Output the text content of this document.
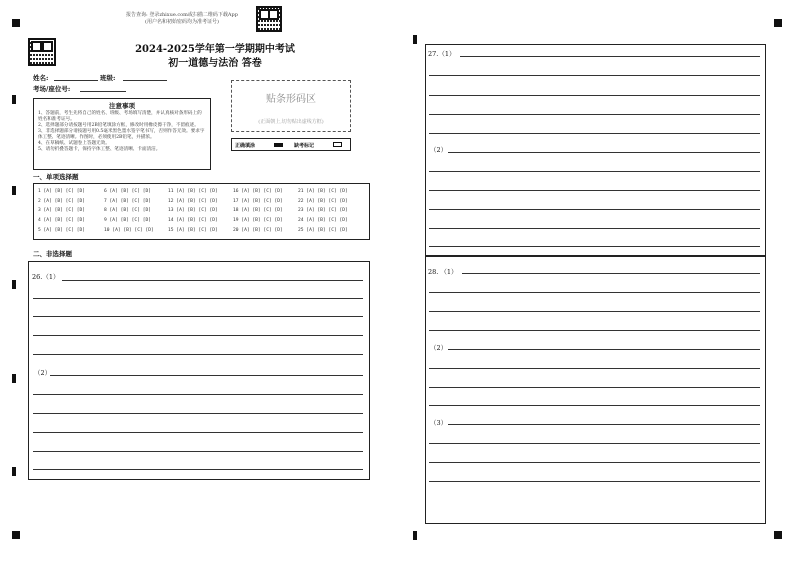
报告查询: 登录zhixue.com或扫描二维码下载App
(用户名和初始密码均为准考证号)
2024-2025学年第一学期期中考试
初一道德与法治 答卷
姓名:	班级:
考场/座位号:
注意事项

1、答题前，考生先将自己的姓名、班级、考场填写清楚，并认真核对条形码上的姓名和准考证号。

2、选择题部分请按题号用2B铅笔填涂方框，修改时用橡皮擦干净，不留痕迹。

3、非选择题部分请按题号用0.5毫米黑色墨水签字笔书写，否则作答无效。要求字体工整、笔迹清晰。作图时，必须使用2B铅笔，并描浓。

4、在草稿纸、试题卷上答题无效。

5、请勿折叠答题卡，保持字体工整、笔迹清晰、卡面清洁。

贴条形码区
(正面朝上,切勿贴出虚线方框)
正确填涂	缺考标记
一、单项选择题
1 [A] [B] [C] [D]
2 [A] [B] [C] [D]
3 [A] [B] [C] [D]
4 [A] [B] [C] [D]
5 [A] [B] [C] [D]
6 [A] [B] [C] [D]
7 [A] [B] [C] [D]
8 [A] [B] [C] [D]
9 [A] [B] [C] [D]
10 [A] [B] [C] [D]
11 [A] [B] [C] [D]
12 [A] [B] [C] [D]
13 [A] [B] [C] [D]
14 [A] [B] [C] [D]
15 [A] [B] [C] [D]
16 [A] [B] [C] [D]
17 [A] [B] [C] [D]
18 [A] [B] [C] [D]
19 [A] [B] [C] [D]
20 [A] [B] [C] [D]
21 [A] [B] [C] [D]
22 [A] [B] [C] [D]
23 [A] [B] [C] [D]
24 [A] [B] [C] [D]
25 [A] [B] [C] [D]
二、非选择题
26.（1）
（2）
27.（1）
（2）
28. （1）
（2）
（3）
